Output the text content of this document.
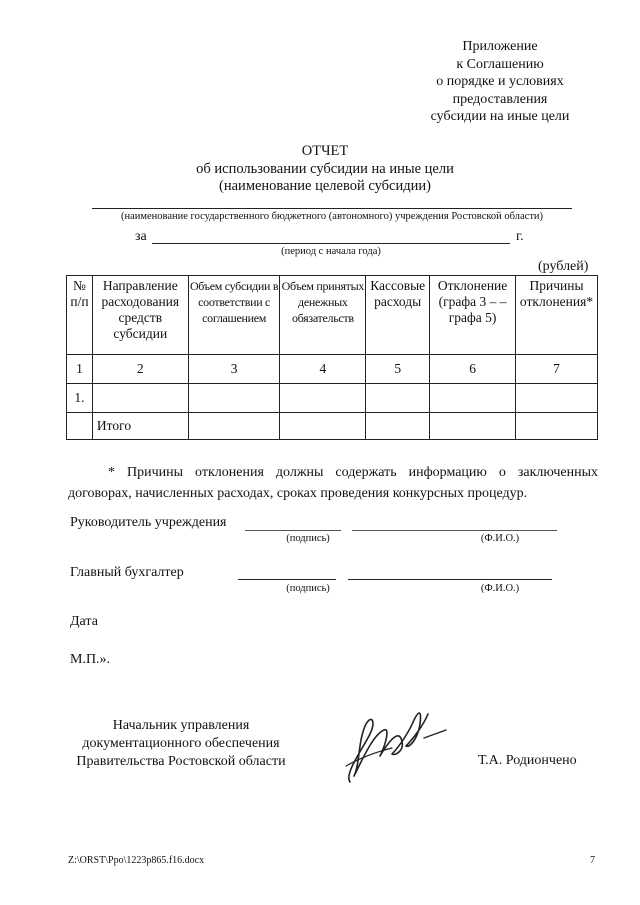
Приложение
к Соглашению
о порядке и условиях
предоставления
субсидии на иные цели
ОТЧЕТ
об использовании субсидии на иные цели
(наименование целевой субсидии)
(наименование государственного бюджетного (автономного) учреждения Ростовской области)
за	г.
(период с начала года)
(рублей)
№ п/п	Направление расходования средств субсидии	Объем субсидии в соответствии с соглашением	Объем принятых денежных обязательств	Кассовые расходы	Отклонение (графа 3 – – графа 5)	Причины отклонения*
1	2	3	4	5	6	7
1.						
	Итого					
* Причины отклонения должны содержать информацию о заключенных договорах, начисленных расходах, сроках проведения конкурсных процедур.
Руководитель учреждения
(подпись)	(Ф.И.О.)
Главный бухгалтер
(подпись)	(Ф.И.О.)
Дата
М.П.».
Начальник управления
документационного обеспечения
Правительства Ростовской области	Т.А. Родиончено
Z:\ORST\Ppo\1223p865.f16.docx	7
